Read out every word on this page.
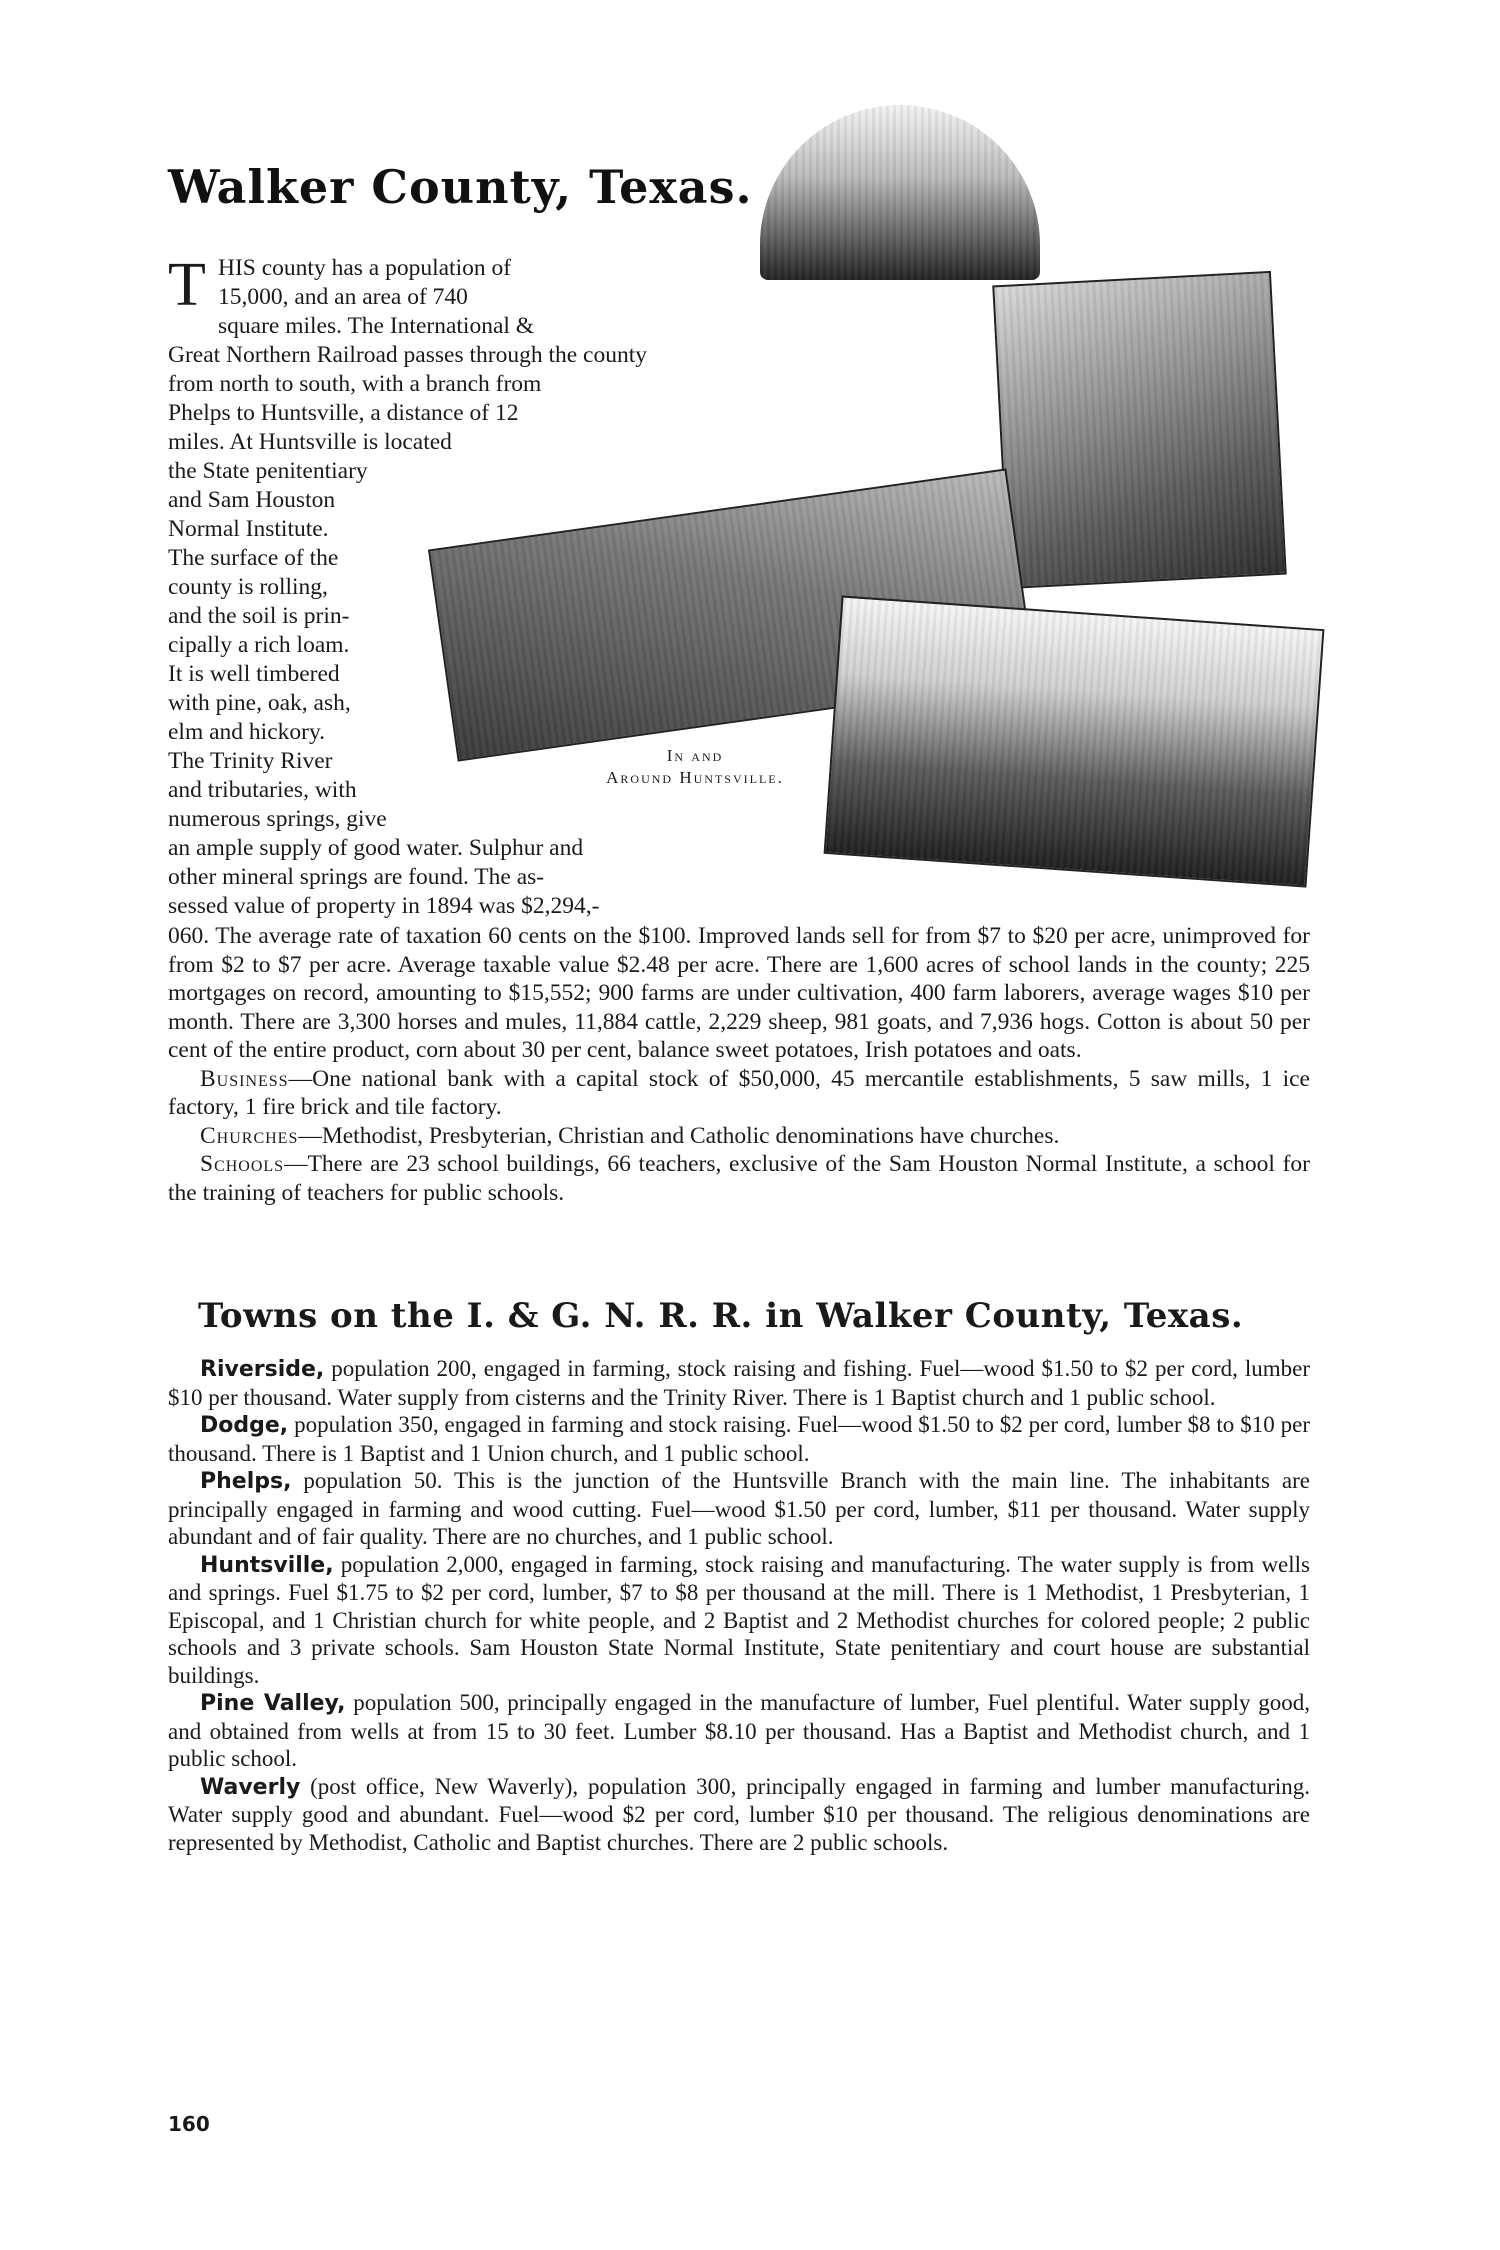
Walker County, Texas.
In and
Around Huntsville.
T HIS county has a population of
15,000, and an area of 740
square miles. The International &
Great Northern Railroad passes through the county
from north to south, with a branch from
Phelps to Huntsville, a distance of 12
miles. At Huntsville is located
the State penitentiary
and Sam Houston
Normal Institute.
The surface of the
county is rolling,
and the soil is prin-
cipally a rich loam.
It is well timbered
with pine, oak, ash,
elm and hickory.
The Trinity River
and tributaries, with
numerous springs, give
an ample supply of good water. Sulphur and
other mineral springs are found. The as-
sessed value of property in 1894 was $2,294,-

060. The average rate of taxation 60 cents on the $100. Improved lands sell for from $7 to $20 per acre, unimproved for from $2 to $7 per acre. Average taxable value $2.48 per acre. There are 1,600 acres of school lands in the county; 225 mortgages on record, amounting to $15,552; 900 farms are under cultivation, 400 farm laborers, average wages $10 per month. There are 3,300 horses and mules, 11,884 cattle, 2,229 sheep, 981 goats, and 7,936 hogs. Cotton is about 50 per cent of the entire product, corn about 30 per cent, balance sweet potatoes, Irish potatoes and oats.

Business—One national bank with a capital stock of $50,000, 45 mercantile establishments, 5 saw mills, 1 ice factory, 1 fire brick and tile factory.

Churches—Methodist, Presbyterian, Christian and Catholic denominations have churches.

Schools—There are 23 school buildings, 66 teachers, exclusive of the Sam Houston Normal Institute, a school for the training of teachers for public schools.

Towns on the I. & G. N. R. R. in Walker County, Texas.

Riverside, population 200, engaged in farming, stock raising and fishing. Fuel—wood $1.50 to $2 per cord, lumber $10 per thousand. Water supply from cisterns and the Trinity River. There is 1 Baptist church and 1 public school.

Dodge, population 350, engaged in farming and stock raising. Fuel—wood $1.50 to $2 per cord, lumber $8 to $10 per thousand. There is 1 Baptist and 1 Union church, and 1 public school.

Phelps, population 50. This is the junction of the Huntsville Branch with the main line. The inhabitants are principally engaged in farming and wood cutting. Fuel—wood $1.50 per cord, lumber, $11 per thousand. Water supply abundant and of fair quality. There are no churches, and 1 public school.

Huntsville, population 2,000, engaged in farming, stock raising and manufacturing. The water supply is from wells and springs. Fuel $1.75 to $2 per cord, lumber, $7 to $8 per thousand at the mill. There is 1 Methodist, 1 Presbyterian, 1 Episcopal, and 1 Christian church for white people, and 2 Baptist and 2 Methodist churches for colored people; 2 public schools and 3 private schools. Sam Houston State Normal Institute, State penitentiary and court house are substantial buildings.

Pine Valley, population 500, principally engaged in the manufacture of lumber, Fuel plentiful. Water supply good, and obtained from wells at from 15 to 30 feet. Lumber $8.10 per thousand. Has a Baptist and Methodist church, and 1 public school.

Waverly (post office, New Waverly), population 300, principally engaged in farming and lumber manufacturing. Water supply good and abundant. Fuel—wood $2 per cord, lumber $10 per thousand. The religious denominations are represented by Methodist, Catholic and Baptist churches. There are 2 public schools.

160
